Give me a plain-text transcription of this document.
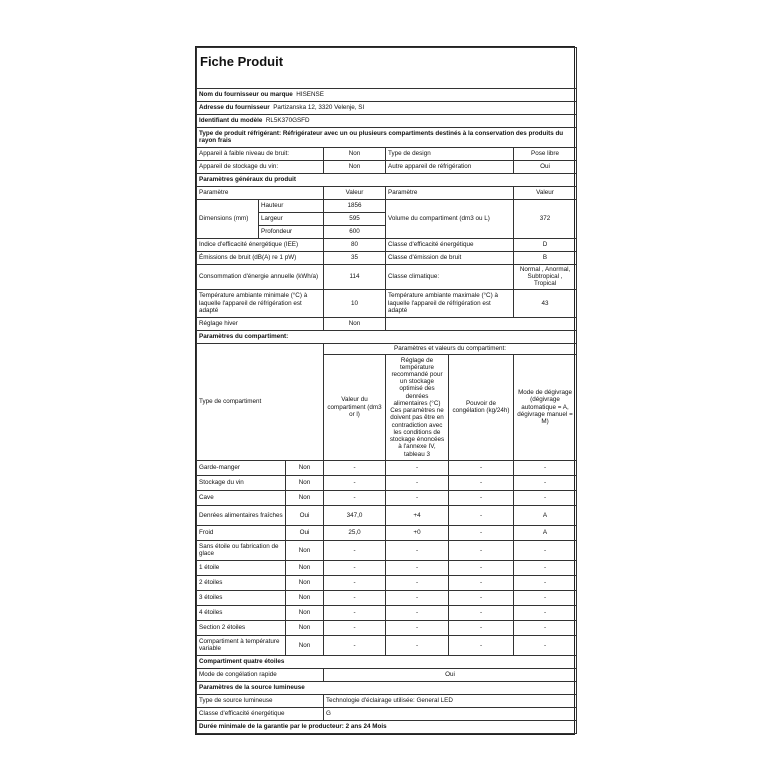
Fiche Produit						
Nom du fournisseur ou marque HISENSE						
Adresse du fournisseur Partizanska 12, 3320 Velenje, SI						
Identifiant du modèle RL5K370GSFD						
Type de produit réfrigérant: Réfrigérateur avec un ou plusieurs compartiments destinés à la conservation des produits du rayon frais						
Appareil à faible niveau de bruit:			Non	Type de design		Pose libre
Appareil de stockage du vin:			Non	Autre appareil de réfrigération		Oui
Paramètres généraux du produit						
Paramètre			Valeur	Paramètre		Valeur
Dimensions (mm)	Hauteur		1856	Volume du compartiment (dm3 ou L)		372
	Largeur		595			
	Profondeur		600			
Indice d'efficacité énergétique (IEE)			80	Classe d'efficacité énergétique		D
Émissions de bruit (dB(A) re 1 pW)			35	Classe d'émission de bruit		B
Consommation d'énergie annuelle (kWh/a)			114	Classe climatique:		Normal , Anormal, Subtropical , Tropical
Température ambiante minimale (°C) à laquelle l'appareil de réfrigération est adapté			10	Température ambiante maximale (°C) à laquelle l'appareil de réfrigération est adapté		43
Réglage hiver			Non			
Paramètres du compartiment:						
Type de compartiment			Paramètres et valeurs du compartiment:			
			Valeur du compartiment (dm3 or l)	Réglage de température recommandé pour un stockage optimisé des denrées alimentaires (°C) Ces paramètres ne doivent pas être en contradiction avec les conditions de stockage énoncées à l'annexe IV, tableau 3	Pouvoir de congélation (kg/24h)	Mode de dégivrage (dégivrage automatique = A, dégivrage manuel = M)
Garde-manger		Non	-	-	-	-
Stockage du vin		Non	-	-	-	-
Cave		Non	-	-	-	-
Denrées alimentaires fraîches		Oui	347,0	+4	-	A
Froid		Oui	25,0	+0	-	A
Sans étoile ou fabrication de glace		Non	-	-	-	-
1 étoile		Non	-	-	-	-
2 étoiles		Non	-	-	-	-
3 étoiles		Non	-	-	-	-
4 étoiles		Non	-	-	-	-
Section 2 étoiles		Non	-	-	-	-
Compartiment à température variable		Non	-	-	-	-
Compartiment quatre étoiles						
Mode de congélation rapide			Oui			
Paramètres de la source lumineuse						
Type de source lumineuse			Technologie d'éclairage utilisée: General LED			
Classe d'efficacité énergétique			G			
Durée minimale de la garantie par le producteur: 2 ans 24 Mois						
